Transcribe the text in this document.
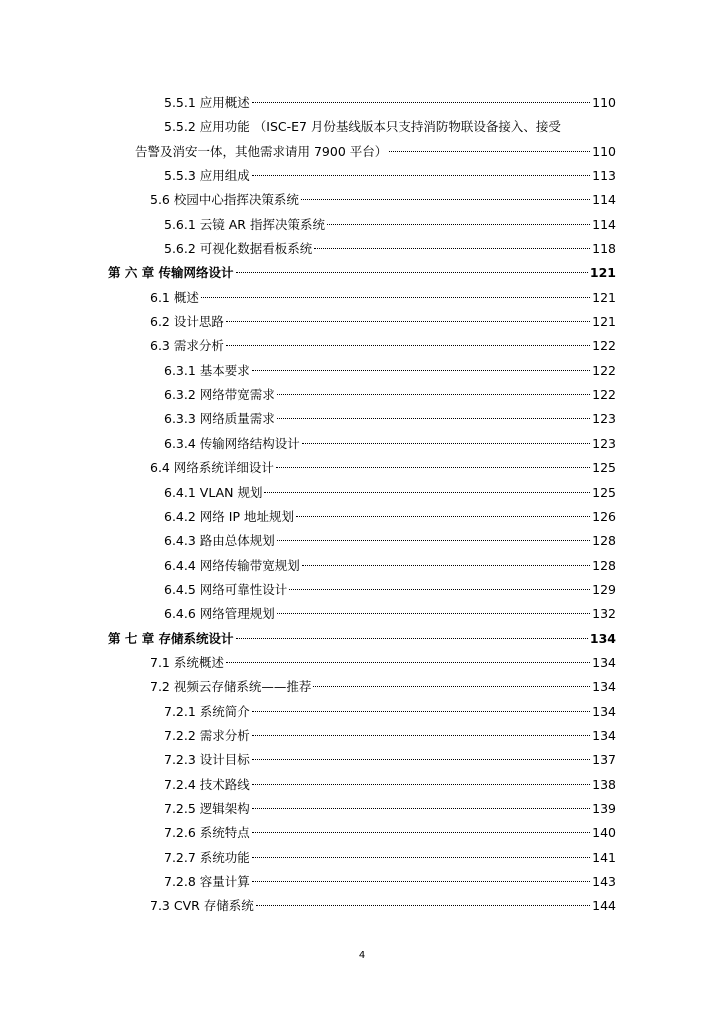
5.5.1 应用概述	110
5.5.2 应用功能 （ISC-E7 月份基线版本只支持消防物联设备接入、接受
告警及消安一体，其他需求请用 7900 平台）	110
5.5.3 应用组成	113
5.6 校园中心指挥决策系统	114
5.6.1 云镜 AR 指挥决策系统	114
5.6.2 可视化数据看板系统	118
第 六 章 传输网络设计	121
6.1 概述	121
6.2 设计思路	121
6.3 需求分析	122
6.3.1 基本要求	122
6.3.2 网络带宽需求	122
6.3.3 网络质量需求	123
6.3.4 传输网络结构设计	123
6.4 网络系统详细设计	125
6.4.1 VLAN 规划	125
6.4.2 网络 IP 地址规划	126
6.4.3 路由总体规划	128
6.4.4 网络传输带宽规划	128
6.4.5 网络可靠性设计	129
6.4.6 网络管理规划	132
第 七 章 存储系统设计	134
7.1 系统概述	134
7.2 视频云存储系统——推荐	134
7.2.1 系统简介	134
7.2.2 需求分析	134
7.2.3 设计目标	137
7.2.4 技术路线	138
7.2.5 逻辑架构	139
7.2.6 系统特点	140
7.2.7 系统功能	141
7.2.8 容量计算	143
7.3 CVR 存储系统	144
4
